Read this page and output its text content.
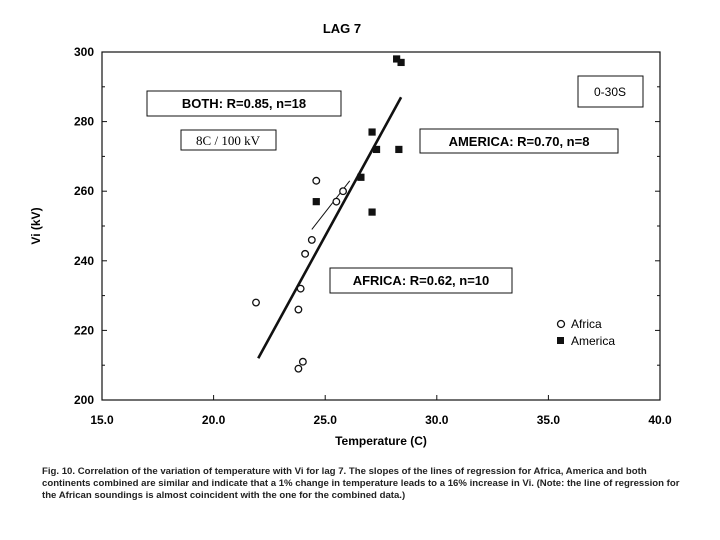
LAG 7
15.0	20.0	25.0	30.0	35.0	40.0
200
220
240
260
280
300
Temperature (C)
Vi (kV)
BOTH: R=0.85, n=18
8C / 100 kV	AMERICA: R=0.70, n=8
AFRICA: R=0.62, n=10
0-30S
Africa
America

Fig. 10. Correlation of the variation of temperature with Vi for lag 7. The slopes of the lines of regression for Africa, America and both continents combined are similar and indicate that a 1% change in temperature leads to a 16% increase in Vi. (Note: the line of regression for the African soundings is almost coincident with the one for the combined data.)
